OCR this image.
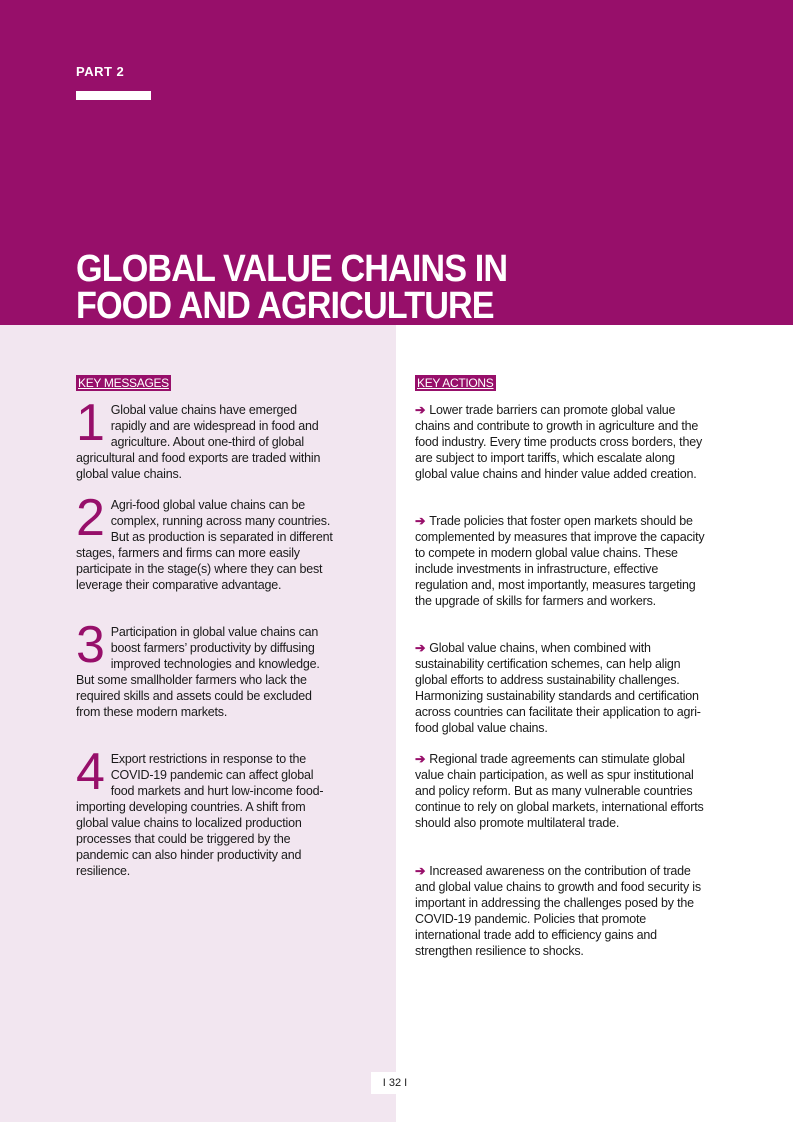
PART 2
GLOBAL VALUE CHAINS IN
FOOD AND AGRICULTURE
KEY MESSAGES
1 Global value chains have emerged rapidly and are widespread in food and agriculture. About one-third of global agricultural and food exports are traded within global value chains.
2 Agri-food global value chains can be complex, running across many countries. But as production is separated in different stages, farmers and firms can more easily participate in the stage(s) where they can best leverage their comparative advantage.
3 Participation in global value chains can boost farmers’ productivity by diffusing improved technologies and knowledge. But some smallholder farmers who lack the required skills and assets could be excluded from these modern markets.
4 Export restrictions in response to the COVID-19 pandemic can affect global food markets and hurt low-income food-importing developing countries. A shift from global value chains to localized production processes that could be triggered by the pandemic can also hinder productivity and resilience.
KEY ACTIONS
➔ Lower trade barriers can promote global value chains and contribute to growth in agriculture and the food industry. Every time products cross borders, they are subject to import tariffs, which escalate along global value chains and hinder value added creation.
➔ Trade policies that foster open markets should be complemented by measures that improve the capacity to compete in modern global value chains. These include investments in infrastructure, effective regulation and, most importantly, measures targeting the upgrade of skills for farmers and workers.
➔ Global value chains, when combined with sustainability certification schemes, can help align global efforts to address sustainability challenges. Harmonizing sustainability standards and certification across countries can facilitate their application to agri-food global value chains.
➔ Regional trade agreements can stimulate global value chain participation, as well as spur institutional and policy reform. But as many vulnerable countries continue to rely on global markets, international efforts should also promote multilateral trade.
➔ Increased awareness on the contribution of trade and global value chains to growth and food security is important in addressing the challenges posed by the COVID-19 pandemic. Policies that promote international trade add to efficiency gains and strengthen resilience to shocks.
I 32 I
